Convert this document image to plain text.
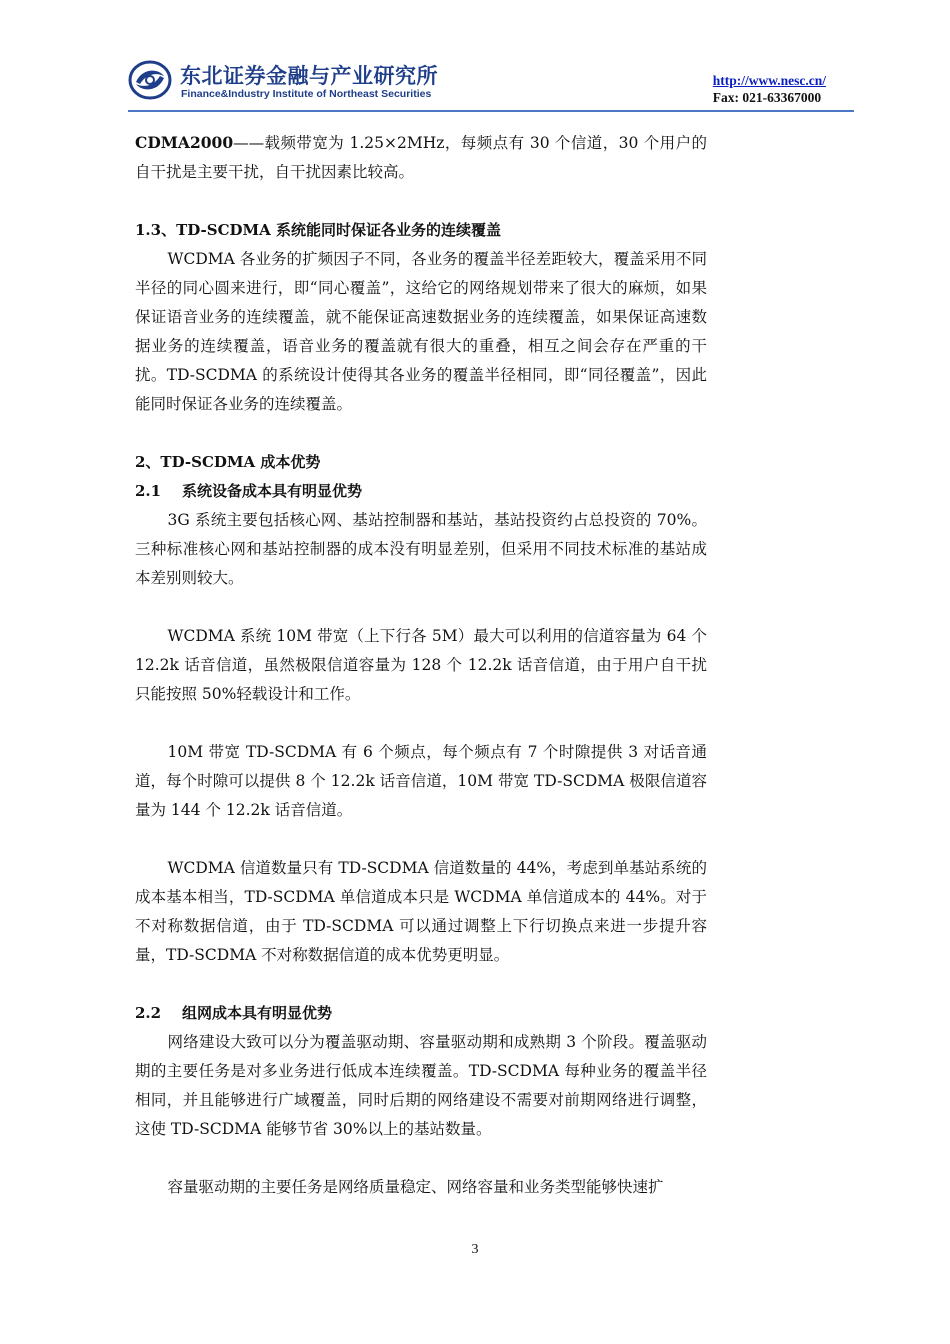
东北证券金融与产业研究所
Finance&Industry Institute of Northeast Securities
http://www.nesc.cn/
Fax: 021-63367000

CDMA2000——载频带宽为 1.25×2MHz，每频点有 30 个信道，30 个用户的自干扰是主要干扰，自干扰因素比较高。

1.3、TD-SCDMA 系统能同时保证各业务的连续覆盖

WCDMA 各业务的扩频因子不同，各业务的覆盖半径差距较大，覆盖采用不同半径的同心圆来进行，即“同心覆盖”，这给它的网络规划带来了很大的麻烦，如果保证语音业务的连续覆盖，就不能保证高速数据业务的连续覆盖，如果保证高速数据业务的连续覆盖，语音业务的覆盖就有很大的重叠，相互之间会存在严重的干扰。TD-SCDMA 的系统设计使得其各业务的覆盖半径相同，即“同径覆盖”，因此能同时保证各业务的连续覆盖。

2、TD-SCDMA 成本优势

2.1    系统设备成本具有明显优势

3G 系统主要包括核心网、基站控制器和基站，基站投资约占总投资的 70%。三种标准核心网和基站控制器的成本没有明显差别，但采用不同技术标准的基站成本差别则较大。

WCDMA 系统 10M 带宽（上下行各 5M）最大可以利用的信道容量为 64 个 12.2k 话音信道，虽然极限信道容量为 128 个 12.2k 话音信道，由于用户自干扰只能按照 50%轻载设计和工作。

10M 带宽 TD-SCDMA 有 6 个频点，每个频点有 7 个时隙提供 3 对话音通道，每个时隙可以提供 8 个 12.2k 话音信道，10M 带宽 TD-SCDMA 极限信道容量为 144 个 12.2k 话音信道。

WCDMA 信道数量只有 TD-SCDMA 信道数量的 44%，考虑到单基站系统的成本基本相当，TD-SCDMA 单信道成本只是 WCDMA 单信道成本的 44%。对于不对称数据信道，由于 TD-SCDMA 可以通过调整上下行切换点来进一步提升容量，TD-SCDMA 不对称数据信道的成本优势更明显。

2.2    组网成本具有明显优势

网络建设大致可以分为覆盖驱动期、容量驱动期和成熟期 3 个阶段。覆盖驱动期的主要任务是对多业务进行低成本连续覆盖。TD-SCDMA 每种业务的覆盖半径相同，并且能够进行广域覆盖，同时后期的网络建设不需要对前期网络进行调整，这使 TD-SCDMA 能够节省 30%以上的基站数量。

容量驱动期的主要任务是网络质量稳定、网络容量和业务类型能够快速扩

3
